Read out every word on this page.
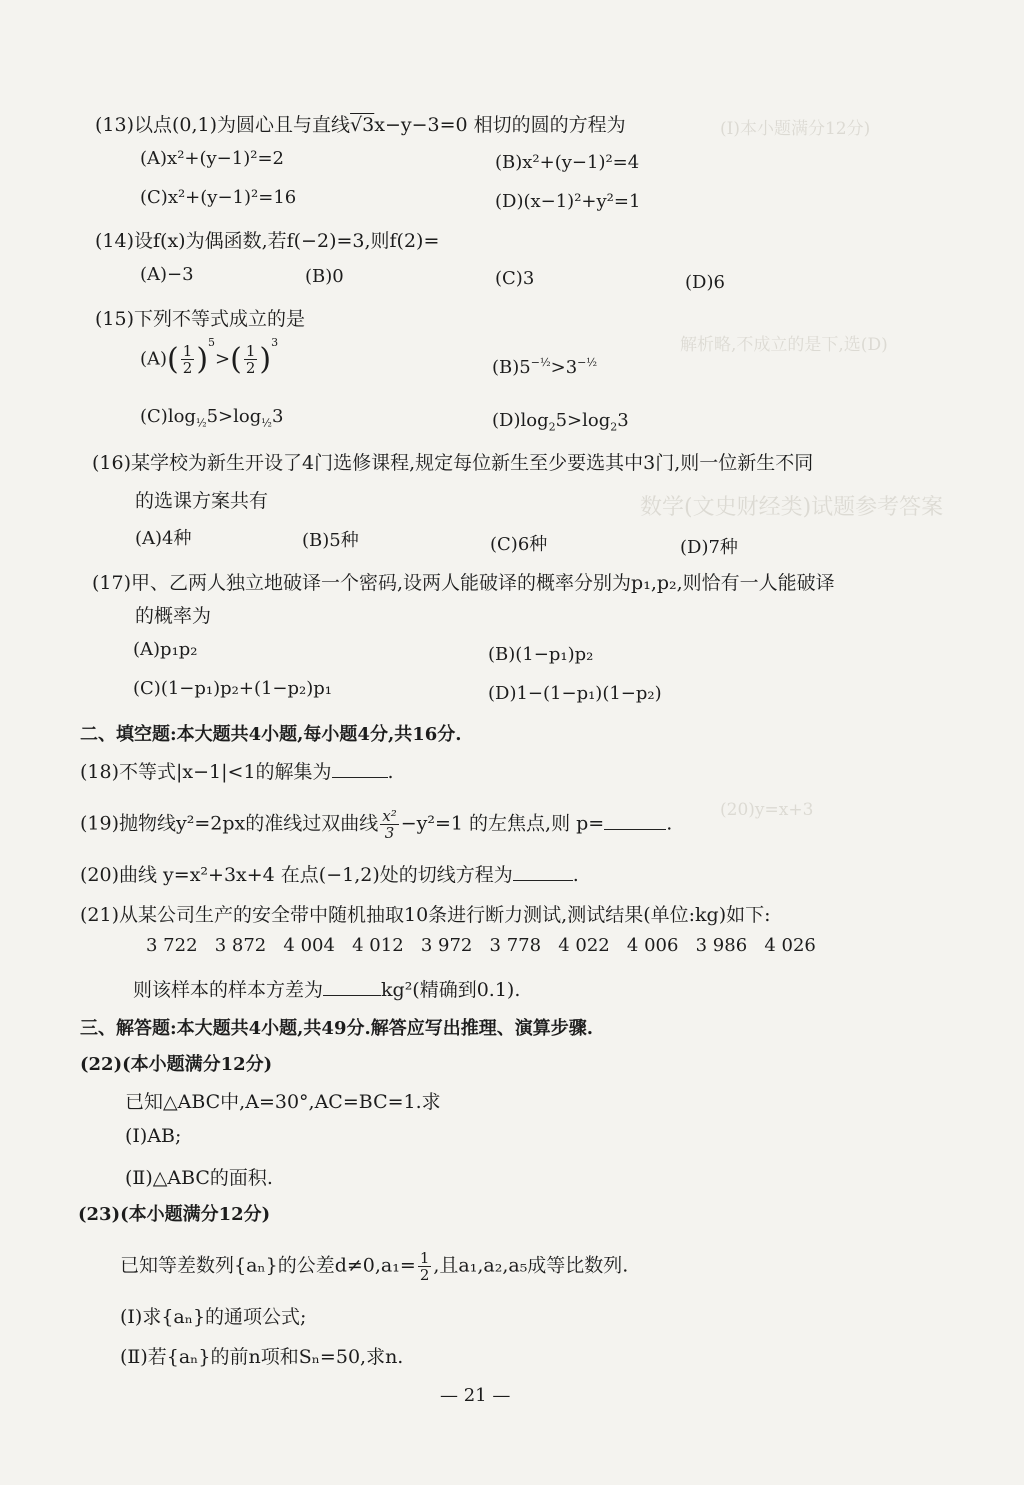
(Ⅰ)本小题满分12分)
解析略,不成立的是下,选(D)
数学(文史财经类)试题参考答案
(20)y=x+3
(13)以点(0,1)为圆心且与直线√3x−y−3=0 相切的圆的方程为
(A)x²+(y−1)²=2	(B)x²+(y−1)²=4
(C)x²+(y−1)²=16	(D)(x−1)²+y²=1
(14)设f(x)为偶函数,若f(−2)=3,则f(2)=
(A)−3	(B)0	(C)3	(D)6
(15)下列不等式成立的是
$(A)( \frac{1}{2} )^5>( \frac{1}{2} )^3$
$(B)5^{-\frac{1}{2}}>3^{-\frac{1}{2}}$
$(C)\log_{\frac{1}{2}}5>\log_{\frac{1}{2}}3$	$(D)\log_25>\log_23$
(16)某学校为新生开设了4门选修课程,规定每位新生至少要选其中3门,则一位新生不同
的选课方案共有
(A)4种	(B)5种	(C)6种	(D)7种
(17)甲、乙两人独立地破译一个密码,设两人能破译的概率分别为p₁,p₂,则恰有一人能破译
的概率为
(A)p₁p₂	(B)(1−p₁)p₂
(C)(1−p₁)p₂+(1−p₂)p₁	(D)1−(1−p₁)(1−p₂)
二、填空题:本大题共4小题,每小题4分,共16分.
(18)不等式|x−1|<1的解集为	.
(19)抛物线y²=2px的准线过双曲线 $\frac{\text{x²}}{3} -y^2=1$ 的左焦点,则 p=	.
(20)曲线 y=x²+3x+4 在点(−1,2)处的切线方程为	.
(21)从某公司生产的安全带中随机抽取10条进行断力测试,测试结果(单位:kg)如下:
3 722 3 872 4 004 4 012 3 972 3 778 4 022 4 006 3 986 4 026
则该样本的样本方差为	kg²(精确到0.1).
三、解答题:本大题共4小题,共49分.解答应写出推理、演算步骤.
(22)(本小题满分12分)
已知△ABC中,A=30°,AC=BC=1.求
(Ⅰ)AB;
(Ⅱ)△ABC的面积.
(23)(本小题满分12分)
已知等差数列{aₙ}的公差$d\ne 0,a_1= \frac{1}{2}$ ,且a₁,a₂,a₅成等比数列.
(Ⅰ)求{aₙ}的通项公式;
(Ⅱ)若{aₙ}的前n项和Sₙ=50,求n.
— 21 —
